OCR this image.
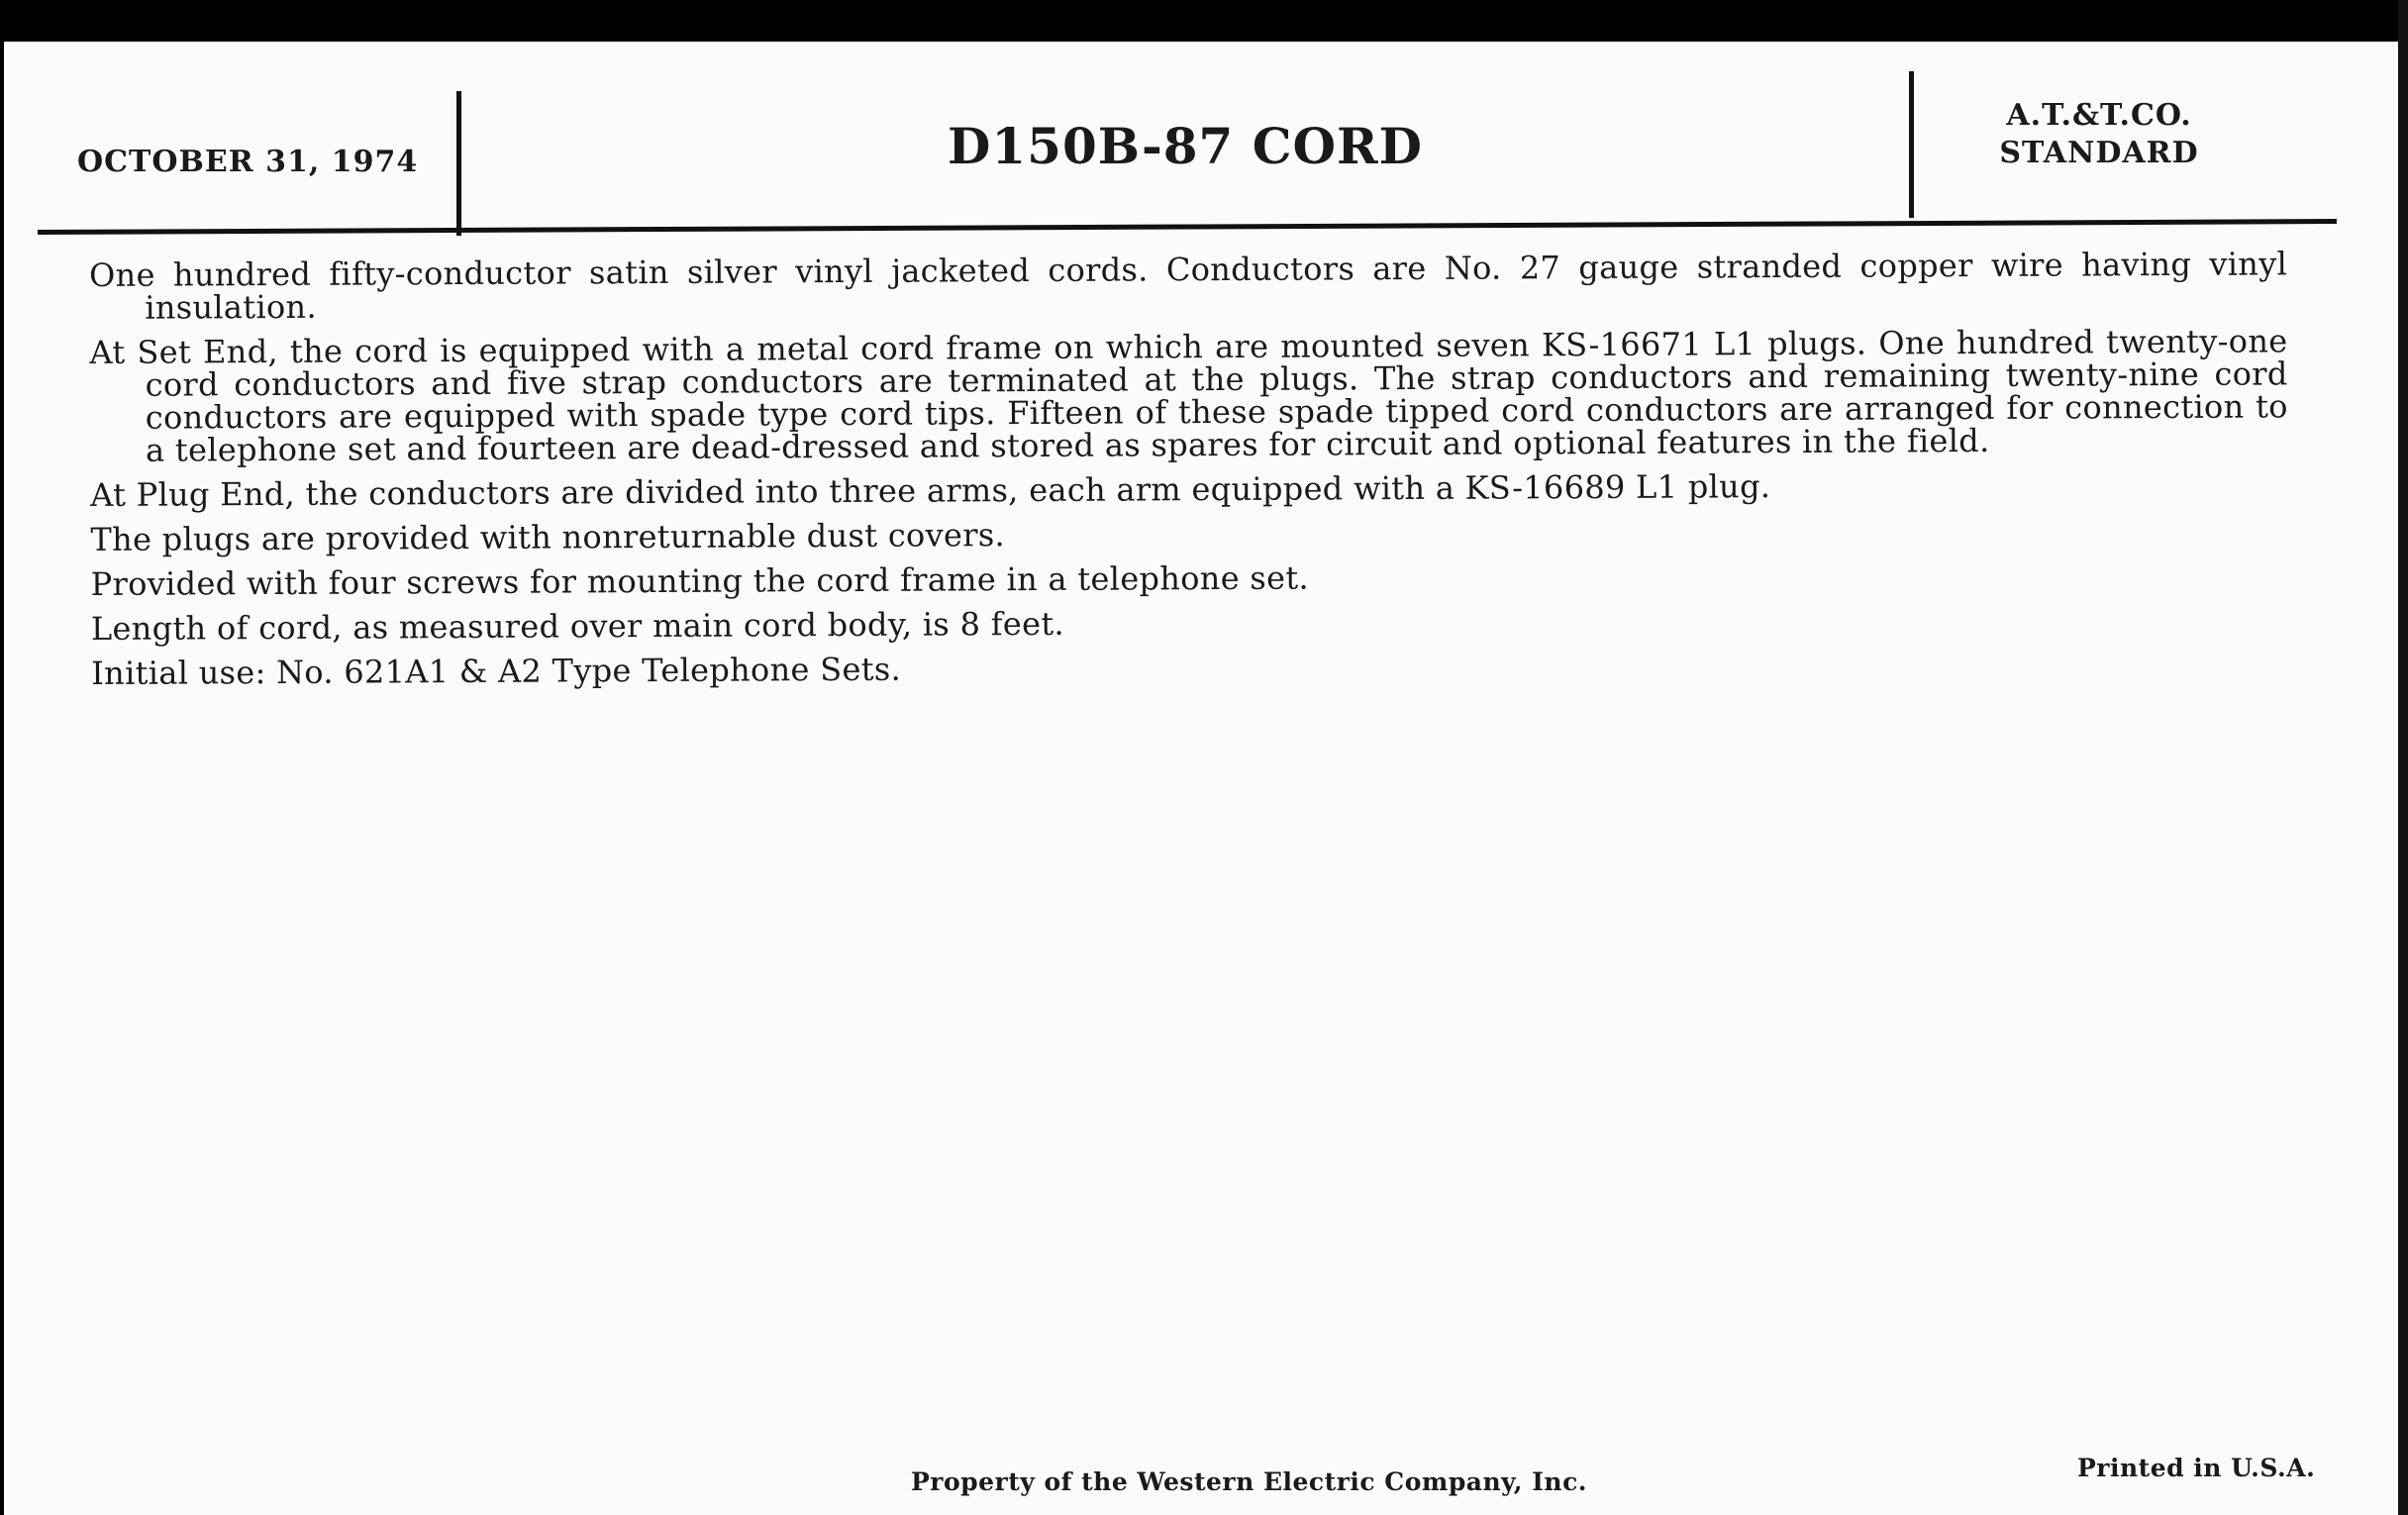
OCTOBER 31, 1974	D150B-87 CORD
A.T.&T.CO.
STANDARD

One hundred fifty-conductor satin silver vinyl jacketed cords. Conductors are No. 27 gauge stranded copper wire having vinyl insulation.

At Set End, the cord is equipped with a metal cord frame on which are mounted seven KS-16671 L1 plugs. One hundred twenty-one cord conductors and five strap conductors are terminated at the plugs. The strap conductors and remaining twenty-nine cord conductors are equipped with spade type cord tips. Fifteen of these spade tipped cord conductors are arranged for connection to a telephone set and fourteen are dead-dressed and stored as spares for circuit and optional features in the field.

At Plug End, the conductors are divided into three arms, each arm equipped with a KS-16689 L1 plug.

The plugs are provided with nonreturnable dust covers.

Provided with four screws for mounting the cord frame in a telephone set.

Length of cord, as measured over main cord body, is 8 feet.

Initial use: No. 621A1 & A2 Type Telephone Sets.

Property of the Western Electric Company, Inc.	Printed in U.S.A.
